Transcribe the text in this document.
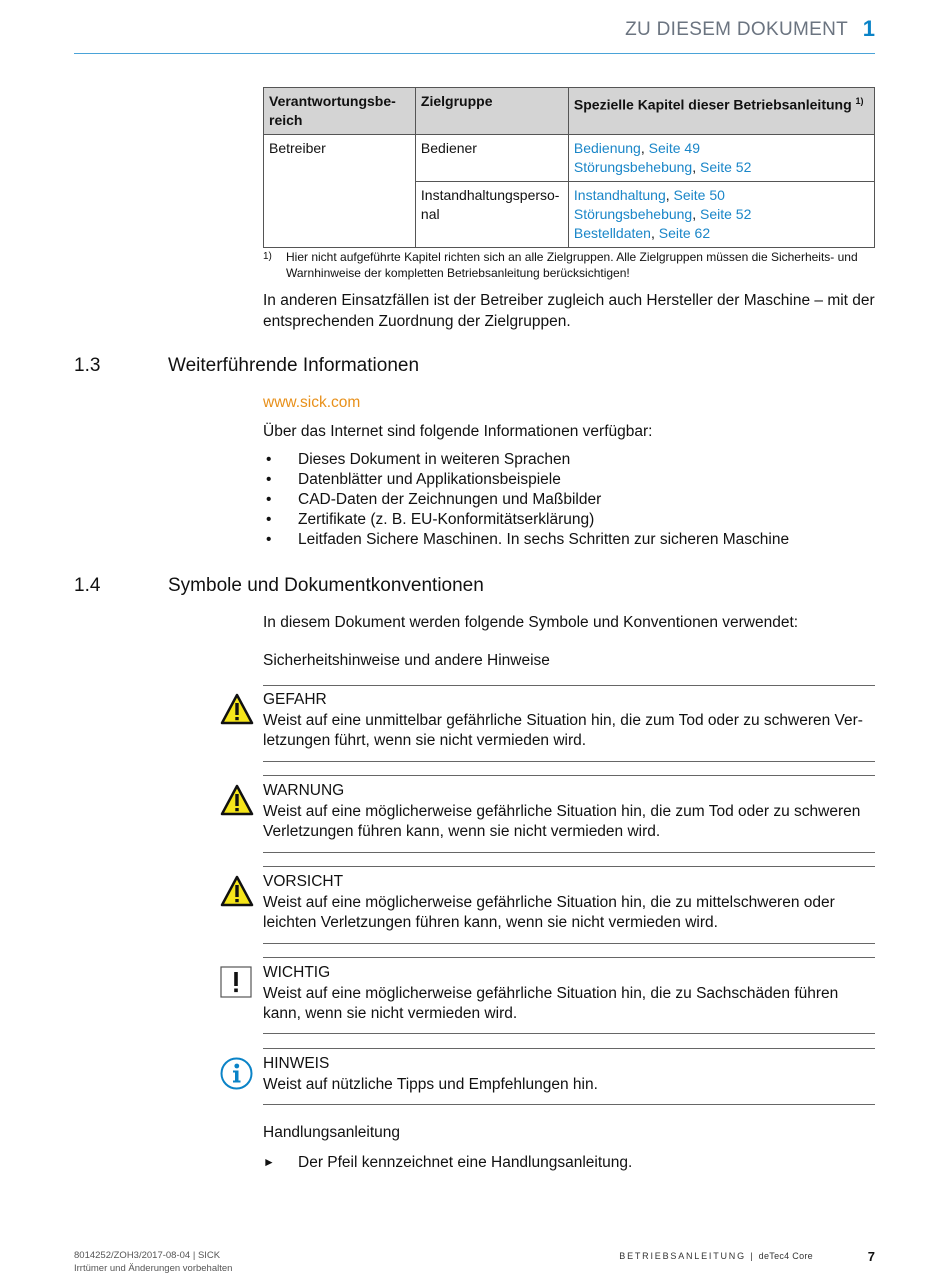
ZU DIESEM DOKUMENT 1
Verantwortungsbe-reich	Zielgruppe	Spezielle Kapitel dieser Betriebsanleitung $^{1)}$
Betreiber	Bediener	Bedienung, Seite 49
Störungsbehebung, Seite 52
	Instandhaltungsperso-nal	Instandhaltung, Seite 50
Störungsbehebung, Seite 52
Bestelldaten, Seite 62
1) Hier nicht aufgeführte Kapitel richten sich an alle Zielgruppen. Alle Zielgruppen müssen die Sicherheits- und Warnhinweise der kompletten Betriebsanleitung berücksichtigen!
In anderen Einsatzfällen ist der Betreiber zugleich auch Hersteller der Maschine – mit der entsprechenden Zuordnung der Zielgruppen.
1.3	Weiterführende Informationen
www.sick.com
Über das Internet sind folgende Informationen verfügbar:
• Dieses Dokument in weiteren Sprachen
• Datenblätter und Applikationsbeispiele
• CAD-Daten der Zeichnungen und Maßbilder
• Zertifikate (z. B. EU-Konformitätserklärung)
• Leitfaden Sichere Maschinen. In sechs Schritten zur sicheren Maschine
1.4	Symbole und Dokumentkonventionen
In diesem Dokument werden folgende Symbole und Konventionen verwendet:
Sicherheitshinweise und andere Hinweise
GEFAHR
Weist auf eine unmittelbar gefährliche Situation hin, die zum Tod oder zu schweren Ver-letzungen führt, wenn sie nicht vermieden wird.
WARNUNG
Weist auf eine möglicherweise gefährliche Situation hin, die zum Tod oder zu schweren Verletzungen führen kann, wenn sie nicht vermieden wird.
VORSICHT
Weist auf eine möglicherweise gefährliche Situation hin, die zu mittelschweren oder leichten Verletzungen führen kann, wenn sie nicht vermieden wird.
WICHTIG
Weist auf eine möglicherweise gefährliche Situation hin, die zu Sachschäden führen kann, wenn sie nicht vermieden wird.
HINWEIS
Weist auf nützliche Tipps und Empfehlungen hin.
Handlungsanleitung
► Der Pfeil kennzeichnet eine Handlungsanleitung.
8014252/ZOH3/2017-08-04 | SICK
Irrtümer und Änderungen vorbehalten
BETRIEBSANLEITUNG | deTec4 Core	7
